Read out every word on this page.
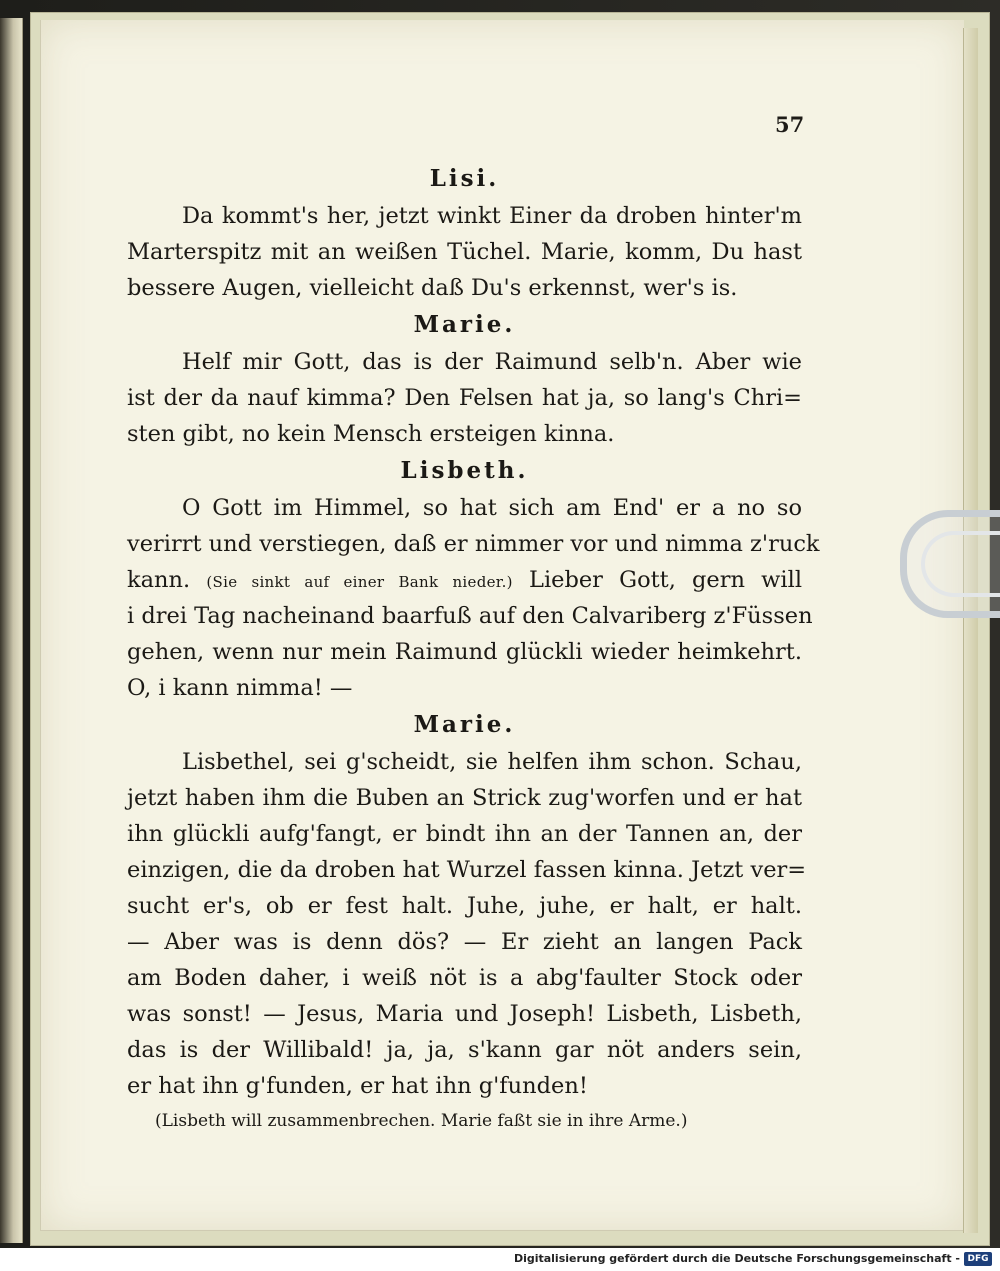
57
Lisi.
Da kommt's her, jetzt winkt Einer da droben hinter'm
Marterspitz mit an weißen Tüchel. Marie, komm, Du hast
bessere Augen, vielleicht daß Du's erkennst, wer's is.
Marie.
Helf mir Gott, das is der Raimund selb'n. Aber wie
ist der da nauf kimma? Den Felsen hat ja, so lang's Chri=
sten gibt, no kein Mensch ersteigen kinna.
Lisbeth.
O Gott im Himmel, so hat sich am End' er a no so
verirrt und verstiegen, daß er nimmer vor und nimma z'ruck
kann. (Sie sinkt auf einer Bank nieder.) Lieber Gott, gern will
i drei Tag nacheinand baarfuß auf den Calvariberg z'Füssen
gehen, wenn nur mein Raimund glückli wieder heimkehrt.
O, i kann nimma! —
Marie.
Lisbethel, sei g'scheidt, sie helfen ihm schon. Schau,
jetzt haben ihm die Buben an Strick zug'worfen und er hat
ihn glückli aufg'fangt, er bindt ihn an der Tannen an, der
einzigen, die da droben hat Wurzel fassen kinna. Jetzt ver=
sucht er's, ob er fest halt. Juhe, juhe, er halt, er halt.
— Aber was is denn dös? — Er zieht an langen Pack
am Boden daher, i weiß nöt is a abg'faulter Stock oder
was sonst! — Jesus, Maria und Joseph! Lisbeth, Lisbeth,
das is der Willibald! ja, ja, s'kann gar nöt anders sein,
er hat ihn g'funden, er hat ihn g'funden!
(Lisbeth will zusammenbrechen. Marie faßt sie in ihre Arme.)
Digitalisierung gefördert durch die Deutsche Forschungsgemeinschaft - DFG
